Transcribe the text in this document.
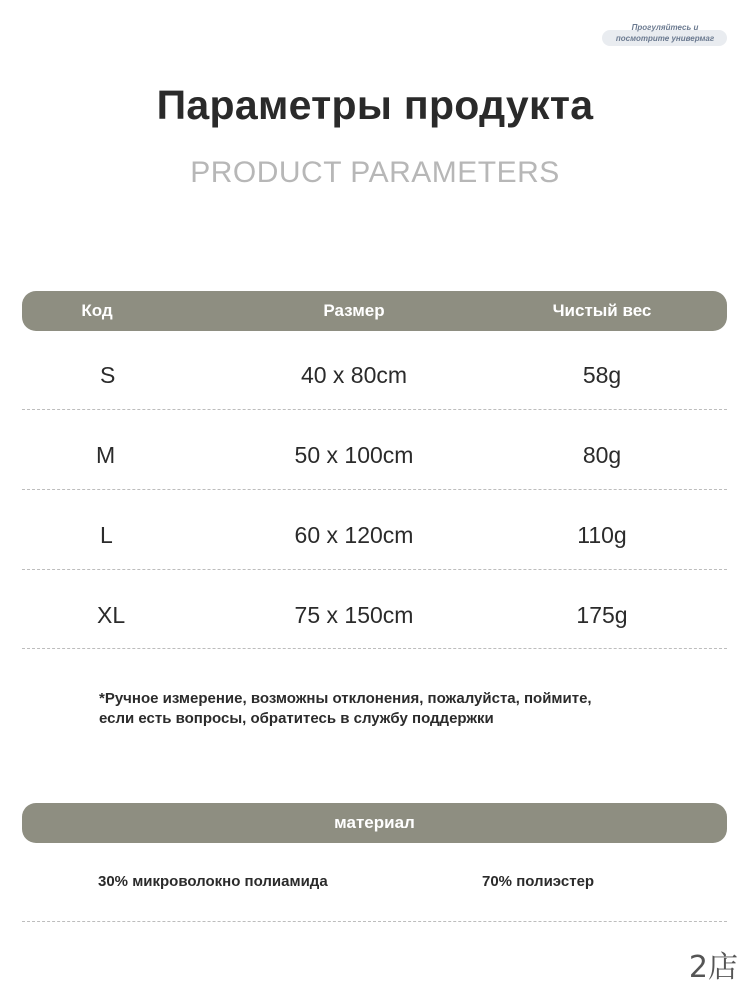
Прогуляйтесь и
посмотрите универмаг
Параметры продукта
PRODUCT PARAMETERS
Код	Размер	Чистый вес
S	40 x 80cm	58g
M	50 x 100cm	80g
L	60 x 120cm	110g
XL	75 x 150cm	175g
*Ручное измерение, возможны отклонения, пожалуйста, поймите,
если есть вопросы, обратитесь в службу поддержки
материал
30% микроволокно полиамида	70% полиэстер
2店
